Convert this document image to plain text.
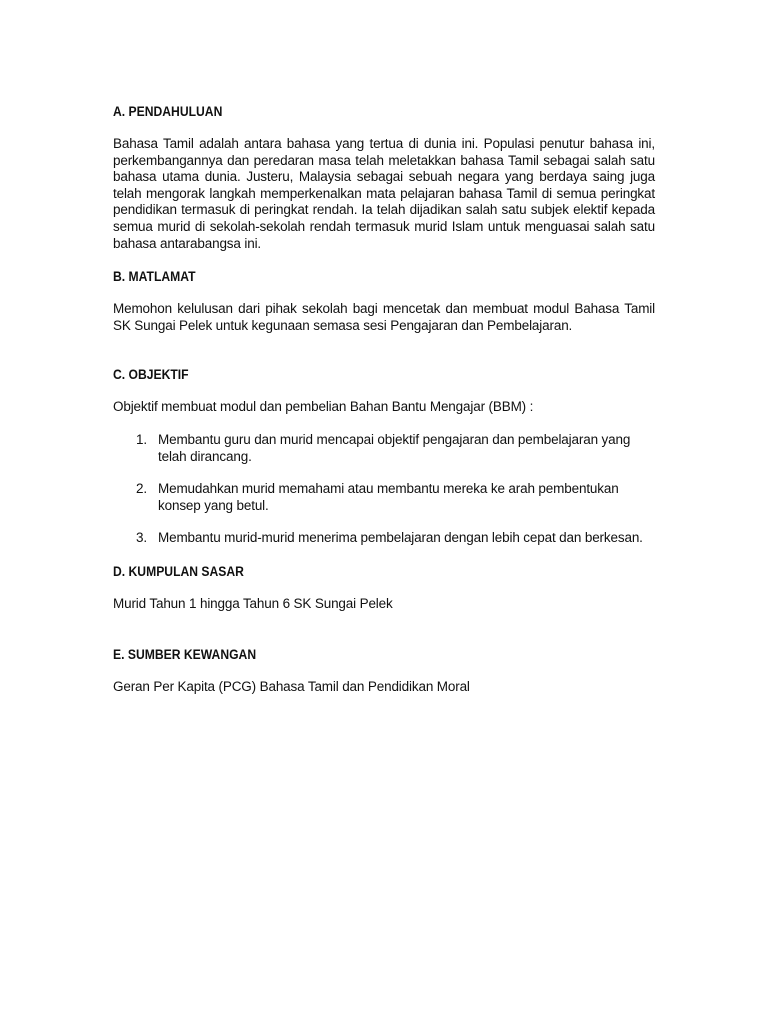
A. PENDAHULUAN

Bahasa Tamil adalah antara bahasa yang tertua di dunia ini. Populasi penutur bahasa ini, perkembangannya dan peredaran masa telah meletakkan bahasa Tamil sebagai salah satu bahasa utama dunia. Justeru, Malaysia sebagai sebuah negara yang berdaya saing juga telah mengorak langkah memperkenalkan mata pelajaran bahasa Tamil di semua peringkat pendidikan termasuk di peringkat rendah. Ia telah dijadikan salah satu subjek elektif kepada semua murid di sekolah-sekolah rendah termasuk murid Islam untuk menguasai salah satu bahasa antarabangsa ini.

B. MATLAMAT

Memohon kelulusan dari pihak sekolah bagi mencetak dan membuat modul Bahasa Tamil SK Sungai Pelek untuk kegunaan semasa sesi Pengajaran dan Pembelajaran.

C. OBJEKTIF

Objektif membuat modul dan pembelian Bahan Bantu Mengajar (BBM) :

1. Membantu guru dan murid mencapai objektif pengajaran dan pembelajaran yang telah dirancang.
2. Memudahkan murid memahami atau membantu mereka ke arah pembentukan konsep yang betul.
3. Membantu murid-murid menerima pembelajaran dengan lebih cepat dan berkesan.
D. KUMPULAN SASAR

Murid Tahun 1 hingga Tahun 6 SK Sungai Pelek

E. SUMBER KEWANGAN

Geran Per Kapita (PCG) Bahasa Tamil dan Pendidikan Moral
